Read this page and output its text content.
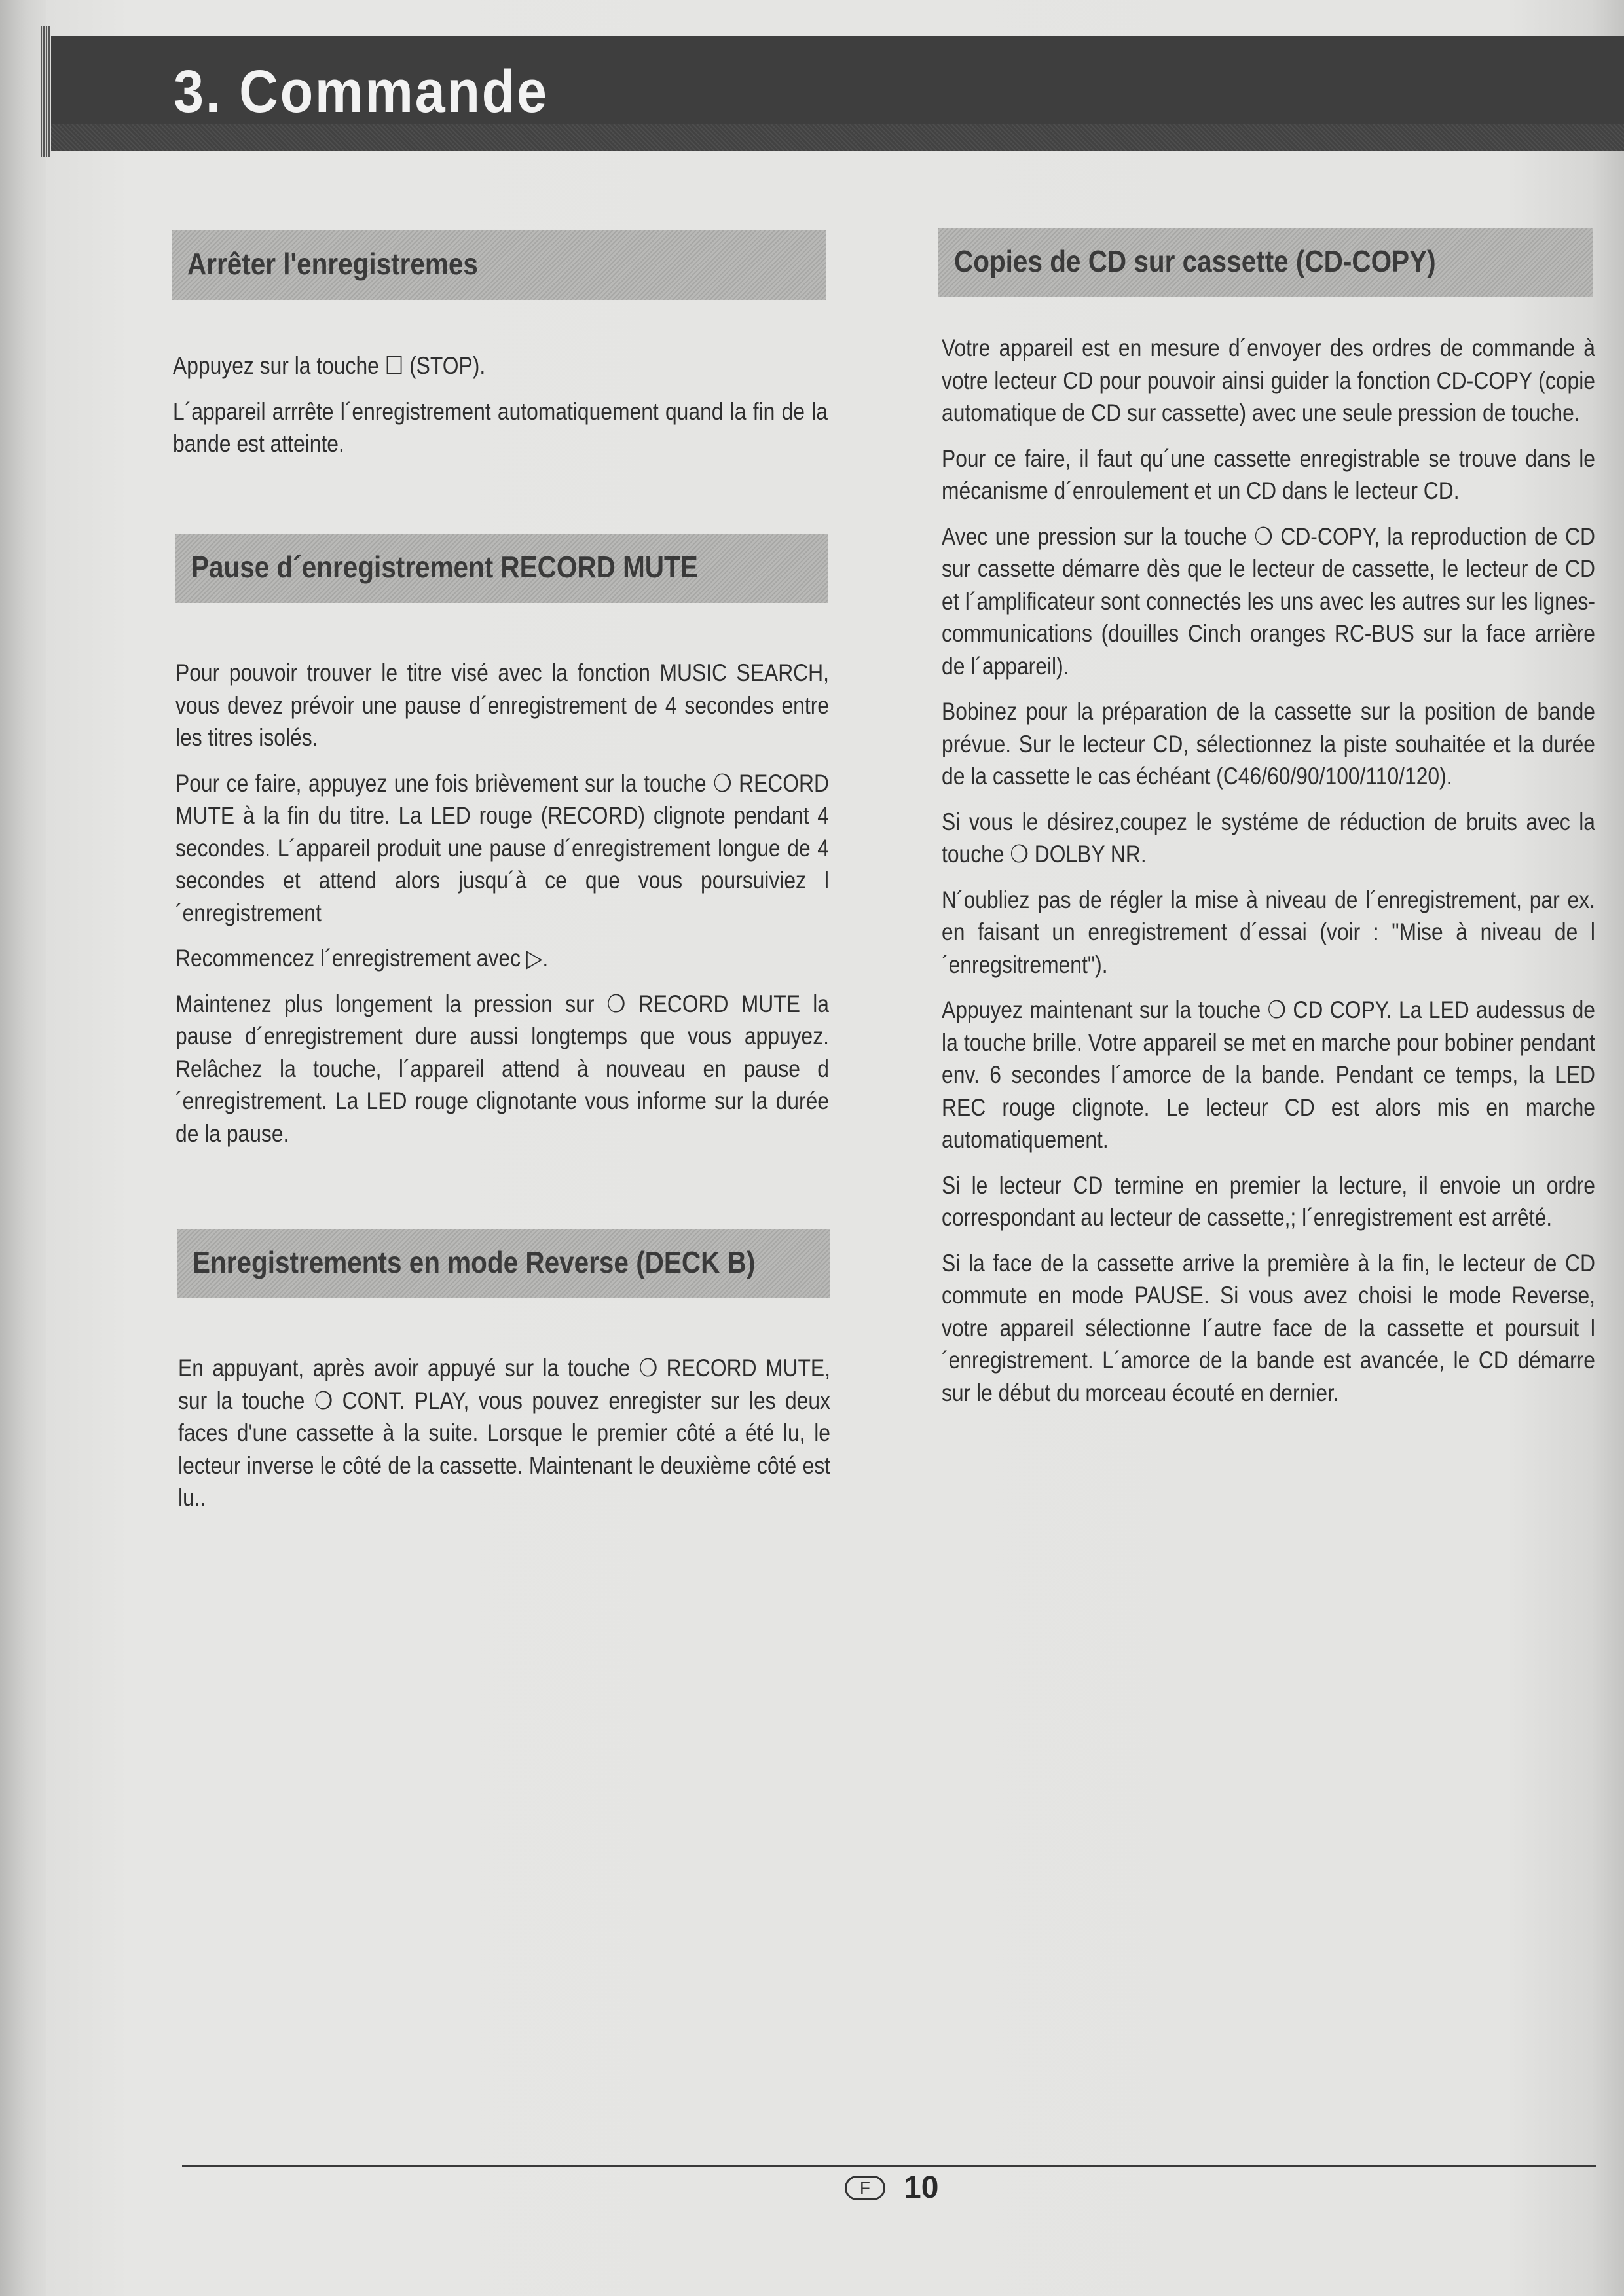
3. Commande
Arrêter l'enregistremes

Appuyez sur la touche ☐ (STOP).

L´appareil arrrête l´enregistrement automatiquement quand la fin de la bande est atteinte.

Pause d´enregistrement RECORD MUTE

Pour pouvoir trouver le titre visé avec la fonction MUSIC SEARCH, vous devez prévoir une pause d´enregistrement de 4 secondes entre les titres isolés.

Pour ce faire, appuyez une fois brièvement sur la touche ❍ RECORD MUTE à la fin du titre. La LED rouge (RECORD) clignote pendant 4 secondes. L´appareil produit une pause d´enregistrement longue de 4 secondes et attend alors jusqu´à ce que vous poursuiviez l´enregistrement

Recommencez l´enregistrement avec ▷.

Maintenez plus longement la pression sur ❍ RECORD MUTE la pause d´enregistrement dure aussi longtemps que vous appuyez. Relâchez la touche, l´appareil attend à nouveau en pause d´enregistrement. La LED rouge clignotante vous informe sur la durée de la pause.

Enregistrements en mode Reverse (DECK B)

En appuyant, après avoir appuyé sur la touche ❍ RECORD MUTE, sur la touche ❍ CONT. PLAY, vous pouvez enregister sur les deux faces d'une cassette à la suite. Lorsque le premier côté a été lu, le lecteur inverse le côté de la cassette. Maintenant le deuxième côté est lu..

Copies de CD sur cassette (CD-COPY)

Votre appareil est en mesure d´envoyer des ordres de commande à votre lecteur CD pour pouvoir ainsi guider la fonction CD-COPY (copie automatique de CD sur cassette) avec une seule pression de touche.

Pour ce faire, il faut qu´une cassette enregistrable se trouve dans le mécanisme d´enroulement et un CD dans le lecteur CD.

Avec une pression sur la touche ❍ CD-COPY, la reproduction de CD sur cassette démarre dès que le lecteur de cassette, le lecteur de CD et l´amplificateur sont connectés les uns avec les autres sur les lignes-communications (douilles Cinch oranges RC-BUS sur la face arrière de l´appareil).

Bobinez pour la préparation de la cassette sur la position de bande prévue. Sur le lecteur CD, sélectionnez la piste souhaitée et la durée de la cassette le cas échéant (C46/60/90/100/110/120).

Si vous le désirez,coupez le systéme de réduction de bruits avec la touche ❍ DOLBY NR.

N´oubliez pas de régler la mise à niveau de l´enregistrement, par ex. en faisant un enregistrement d´essai (voir : "Mise à niveau de l´enregsitrement").

Appuyez maintenant sur la touche ❍ CD COPY. La LED audessus de la touche brille. Votre appareil se met en marche pour bobiner pendant env. 6 secondes l´amorce de la bande. Pendant ce temps, la LED REC rouge clignote. Le lecteur CD est alors mis en marche automatiquement.

Si le lecteur CD termine en premier la lecture, il envoie un ordre correspondant au lecteur de cassette,; l´enregistrement est arrêté.

Si la face de la cassette arrive la première à la fin, le lecteur de CD commute en mode PAUSE. Si vous avez choisi le mode Reverse, votre appareil sélectionne l´autre face de la cassette et poursuit l´enregistrement. L´amorce de la bande est avancée, le CD démarre sur le début du morceau écouté en dernier.

F	10
